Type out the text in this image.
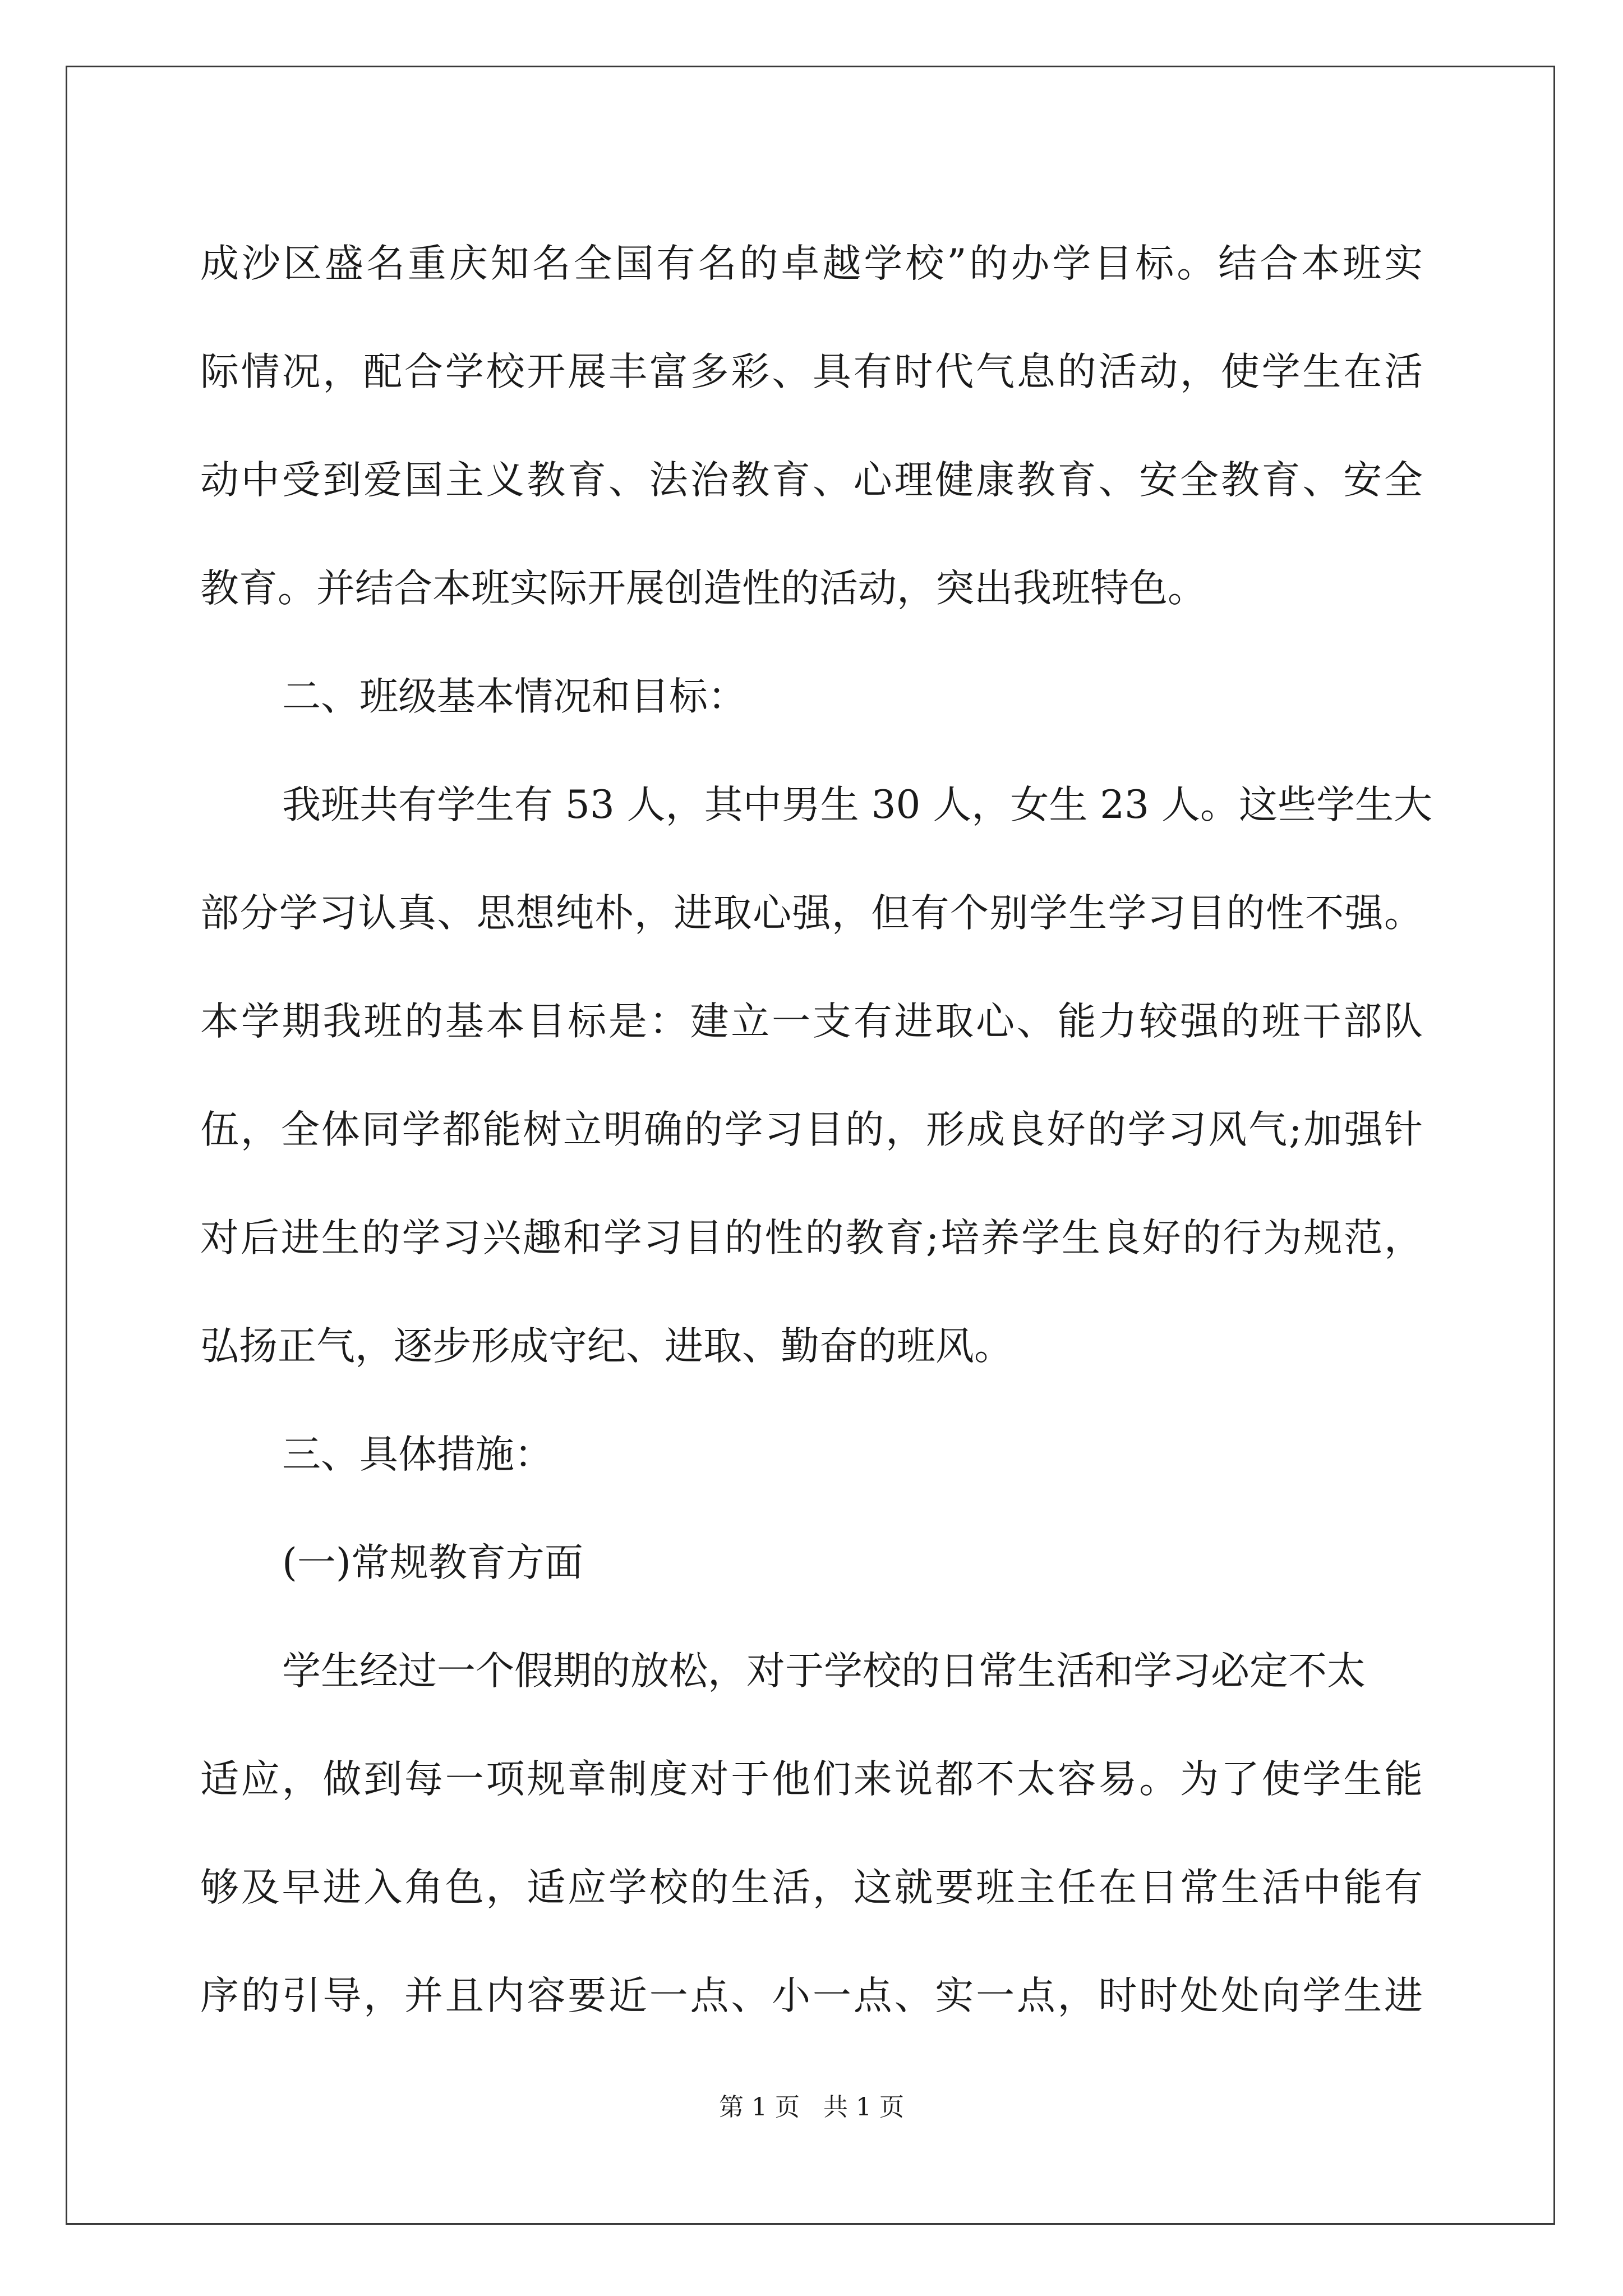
成沙区盛名重庆知名全国有名的卓越学校”的办学目标。结合本班实
际情况，配合学校开展丰富多彩、具有时代气息的活动，使学生在活
动中受到爱国主义教育、法治教育、心理健康教育、安全教育、安全
教育。并结合本班实际开展创造性的活动，突出我班特色。
二、班级基本情况和目标：
我班共有学生有 53 人，其中男生 30 人，女生 23 人。这些学生大
部分学习认真、思想纯朴，进取心强，但有个别学生学习目的性不强。
本学期我班的基本目标是：建立一支有进取心、能力较强的班干部队
伍，全体同学都能树立明确的学习目的，形成良好的学习风气;加强针
对后进生的学习兴趣和学习目的性的教育;培养学生良好的行为规范，
弘扬正气，逐步形成守纪、进取、勤奋的班风。
三、具体措施：
(一)常规教育方面
学生经过一个假期的放松，对于学校的日常生活和学习必定不太
适应，做到每一项规章制度对于他们来说都不太容易。为了使学生能
够及早进入角色，适应学校的生活，这就要班主任在日常生活中能有
序的引导，并且内容要近一点、小一点、实一点，时时处处向学生进
第 1 页   共 1 页
